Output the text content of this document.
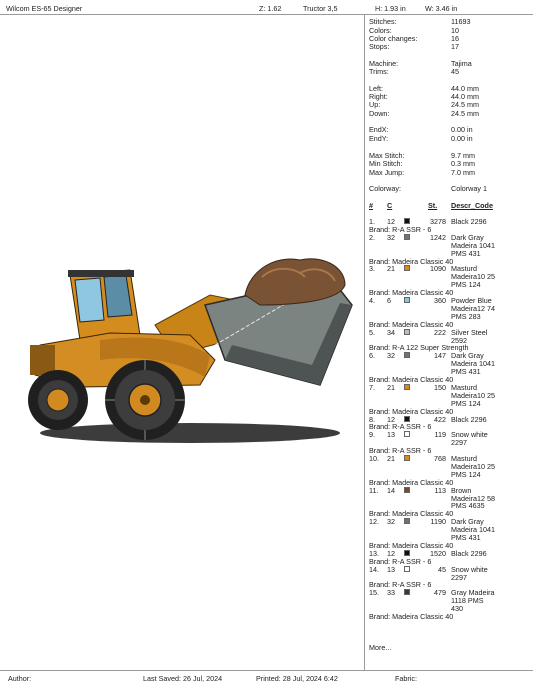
Wilcom ES-65 Designer	Z: 1.62	Tructor 3,5	H: 1.93 in	W: 3.46 in
Stitches:	11693
Colors:	10
Color changes:	16
Stops:	17
Machine:	Tajima
Trims:	45
Left:	44.0 mm
Right:	44.0 mm
Up:	24.5 mm
Down:	24.5 mm
EndX:	0.00 in
EndY:	0.00 in
Max Stitch:	9.7 mm
Min Stitch:	0.3 mm
Max Jump:	7.0 mm
Colorway:	Colorway 1
# C	St. Descr_Code
1. 12	3278 Black 2296
Brand: R-A SSR - 6
2. 32	1242 Dark Gray
Madeira 1041
PMS 431
Brand: Madeira Classic 40
3. 21	1090 Masturd
Madeira10 25
PMS 124
Brand: Madeira Classic 40
4. 6	360 Powder Blue
Madeira12 74
PMS 283
Brand: Madeira Classic 40
5. 34	222 Silver Steel
2592
Brand: R-A 122 Super Strength
6. 32	147 Dark Gray
Madeira 1041
PMS 431
Brand: Madeira Classic 40
7. 21	150 Masturd
Madeira10 25
PMS 124
Brand: Madeira Classic 40
8. 12	422 Black 2296
Brand: R-A SSR - 6
9. 13	119 Snow white
2297
Brand: R-A SSR - 6
10. 21	768 Masturd
Madeira10 25
PMS 124
Brand: Madeira Classic 40
11. 14	113 Brown
Madeira12 58
PMS 4635
Brand: Madeira Classic 40
12. 32	1190 Dark Gray
Madeira 1041
PMS 431
Brand: Madeira Classic 40
13. 12	1520 Black 2296
Brand: R-A SSR - 6
14. 13	45 Snow white
2297
Brand: R-A SSR - 6
15. 33	479 Gray Madeira
1118 PMS
430
Brand: Madeira Classic 40
More...
Author:	Last Saved: 26 Jul, 2024	Printed: 28 Jul, 2024 6:42	Fabric:
